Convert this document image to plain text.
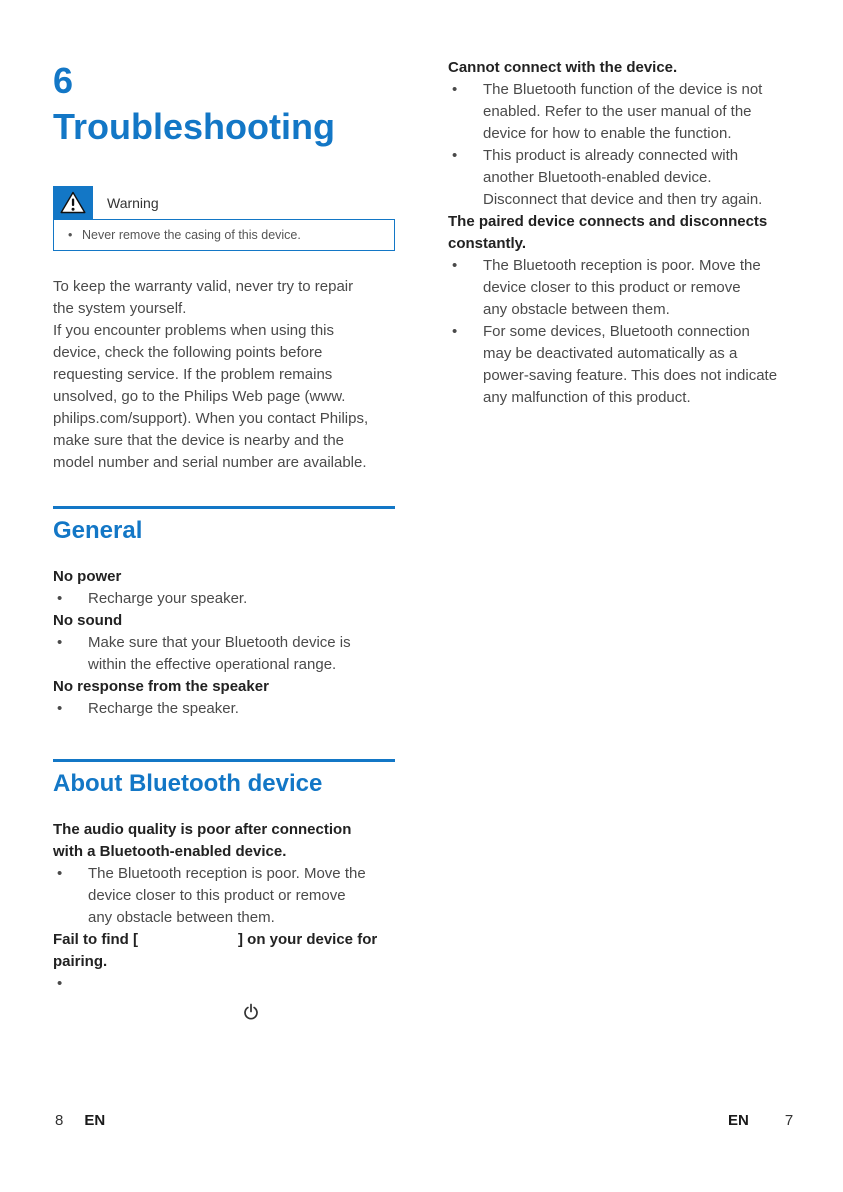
6Troubleshooting
Warning
• Never remove the casing of this device.

To keep the warranty valid, never try to repair
the system yourself.
If you encounter problems when using this
device, check the following points before
requesting service. If the problem remains
unsolved, go to the Philips Web page (www.
philips.com/support). When you contact Philips,
make sure that the device is nearby and the
model number and serial number are available.

General

No power

• Recharge your speaker.

No sound

• Make sure that your Bluetooth device is
within the effective operational range.

No response from the speaker

• Recharge the speaker.
About Bluetooth device

The audio quality is poor after connection
with a Bluetooth-enabled device.

• The Bluetooth reception is poor. Move the
device closer to this product or remove
any obstacle between them.

Fail to find [                        ] on your device for
pairing.

•

Cannot connect with the device.

• The Bluetooth function of the device is not
enabled. Refer to the user manual of the
device for how to enable the function.
• This product is already connected with
another Bluetooth-enabled device.
Disconnect that device and then try again.

The paired device connects and disconnects
constantly.

• The Bluetooth reception is poor. Move the
device closer to this product or remove
any obstacle between them.
• For some devices, Bluetooth connection
may be deactivated automatically as a
power-saving feature. This does not indicate
any malfunction of this product.
8 EN	EN 7
